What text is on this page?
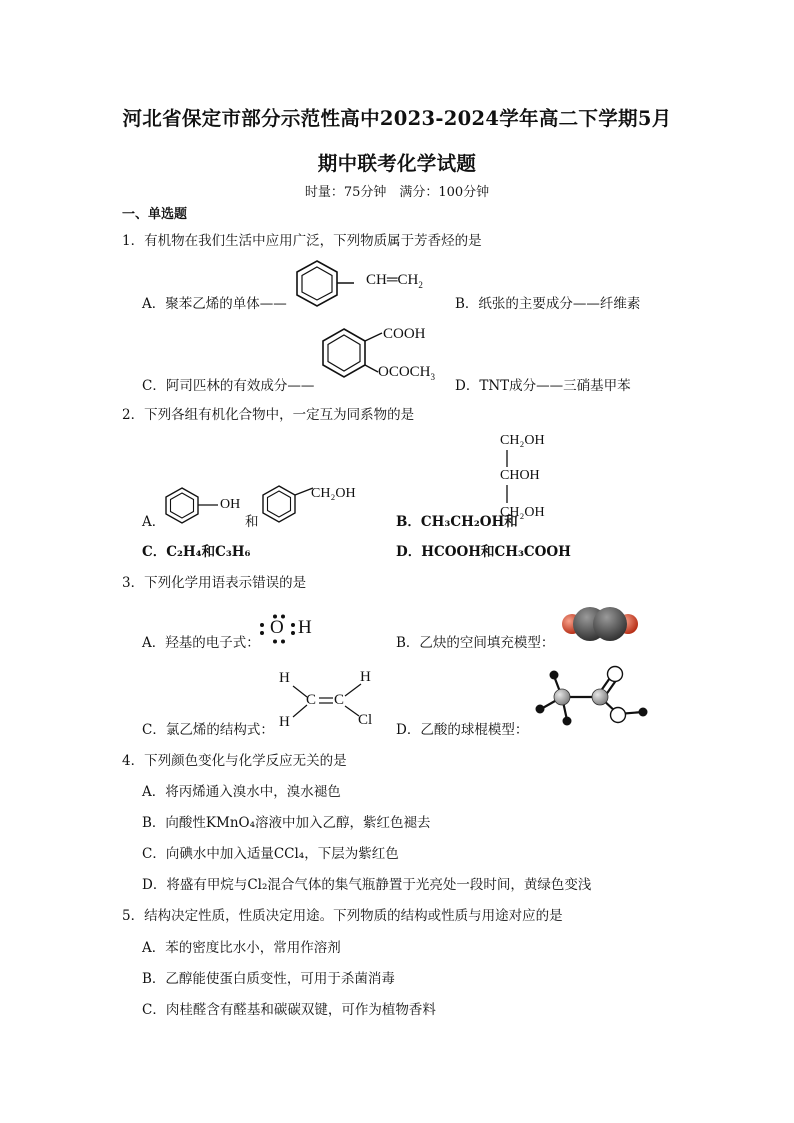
河北省保定市部分示范性高中2023-2024学年高二下学期5月
期中联考化学试题
时量：75分钟　满分：100分钟
一、单选题
1．有机物在我们生活中应用广泛，下列物质属于芳香烃的是
A．聚苯乙烯的单体——
$CH═CH_2$
B．纸张的主要成分——纤维素
C．阿司匹林的有效成分——
COOH
$OCOCH_3$
D．TNT成分——三硝基甲苯
2．下列各组有机化合物中，一定互为同系物的是
A．
OH
和
CH₂OH
B．CH₃CH₂OH和
CH₂OH
CHOH
CH₂OH
C．C₂H₄和C₃H₆	D．HCOOH和CH₃COOH
3．下列化学用语表示错误的是
A．羟基的电子式：
O H
B．乙炔的空间填充模型：
C．氯乙烯的结构式：
H	H
C C
H	Cl
D．乙酸的球棍模型：
4．下列颜色变化与化学反应无关的是
A．将丙烯通入溴水中，溴水褪色
B．向酸性KMnO₄溶液中加入乙醇，紫红色褪去
C．向碘水中加入适量CCl₄，下层为紫红色
D．将盛有甲烷与Cl₂混合气体的集气瓶静置于光亮处一段时间，黄绿色变浅
5．结构决定性质，性质决定用途。下列物质的结构或性质与用途对应的是
A．苯的密度比水小，常用作溶剂
B．乙醇能使蛋白质变性，可用于杀菌消毒
C．肉桂醛含有醛基和碳碳双键，可作为植物香料
